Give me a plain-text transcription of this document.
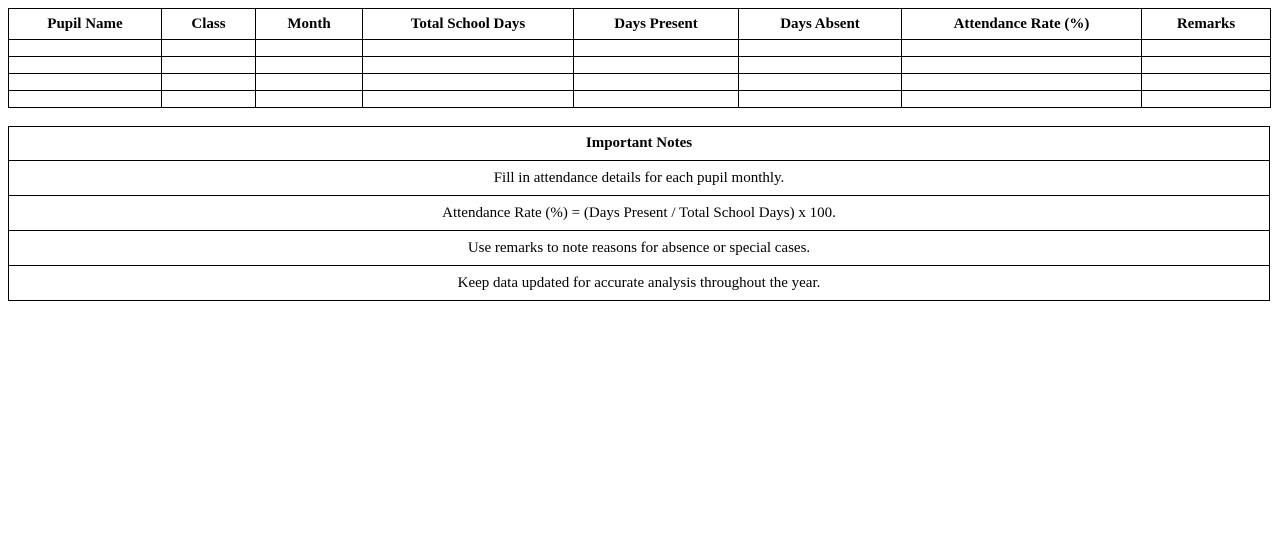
Pupil Name	Class	Month	Total School Days	Days Present	Days Absent	Attendance Rate (%)	Remarks

Important Notes
Fill in attendance details for each pupil monthly.
Attendance Rate (%) = (Days Present / Total School Days) x 100.
Use remarks to note reasons for absence or special cases.
Keep data updated for accurate analysis throughout the year.
